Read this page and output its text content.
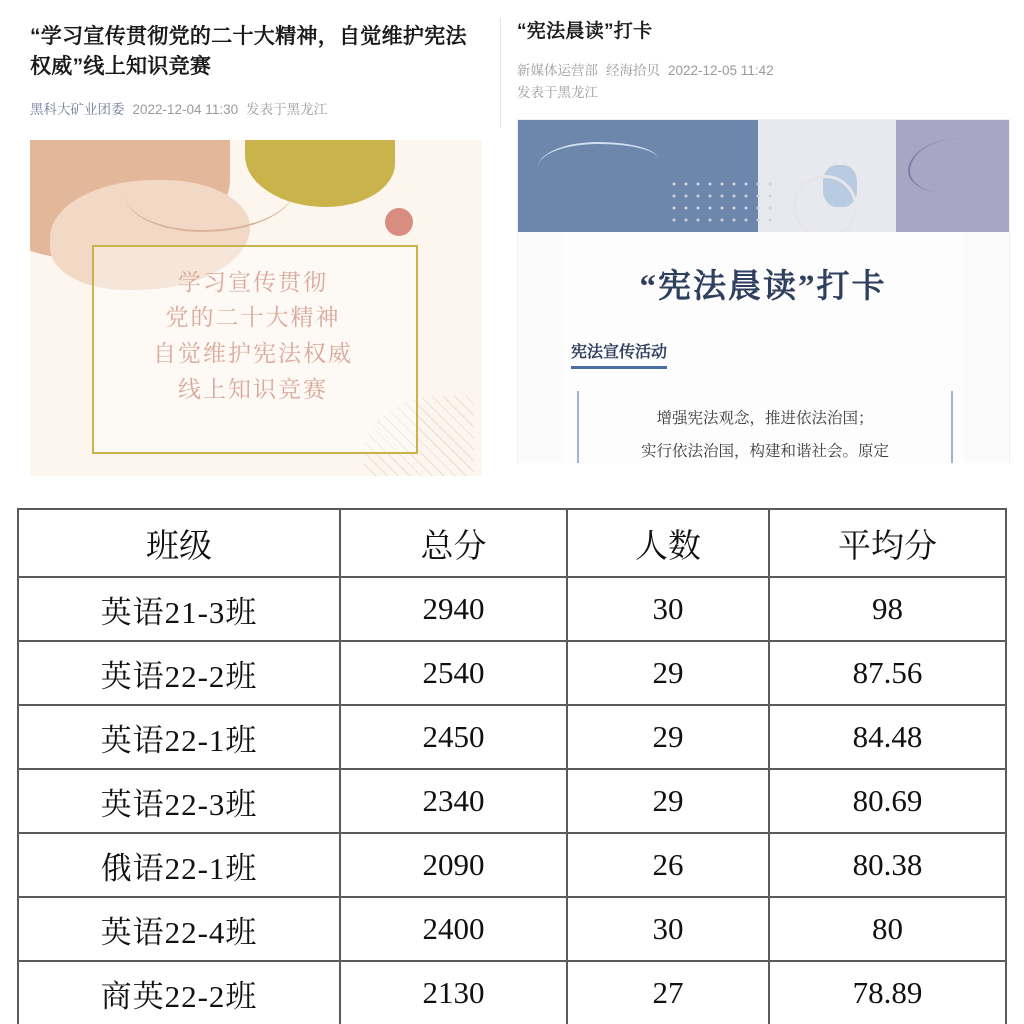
“学习宣传贯彻党的二十大精神，自觉维护宪法权威”线上知识竞赛
黑科大矿业团委 2022-12-04 11:30 发表于黑龙江
学习宣传贯彻
党的二十大精神
自觉维护宪法权威
线上知识竞赛
“宪法晨读”打卡
新媒体运营部 经海拾贝 2022-12-05 11:42
发表于黑龙江
“宪法晨读”打卡
宪法宣传活动
增强宪法观念，推进依法治国；
实行依法治国，构建和谐社会。原定
班级	总分	人数	平均分
英语21-3班	2940	30	98
英语22-2班	2540	29	87.56
英语22-1班	2450	29	84.48
英语22-3班	2340	29	80.69
俄语22-1班	2090	26	80.38
英语22-4班	2400	30	80
商英22-2班	2130	27	78.89
